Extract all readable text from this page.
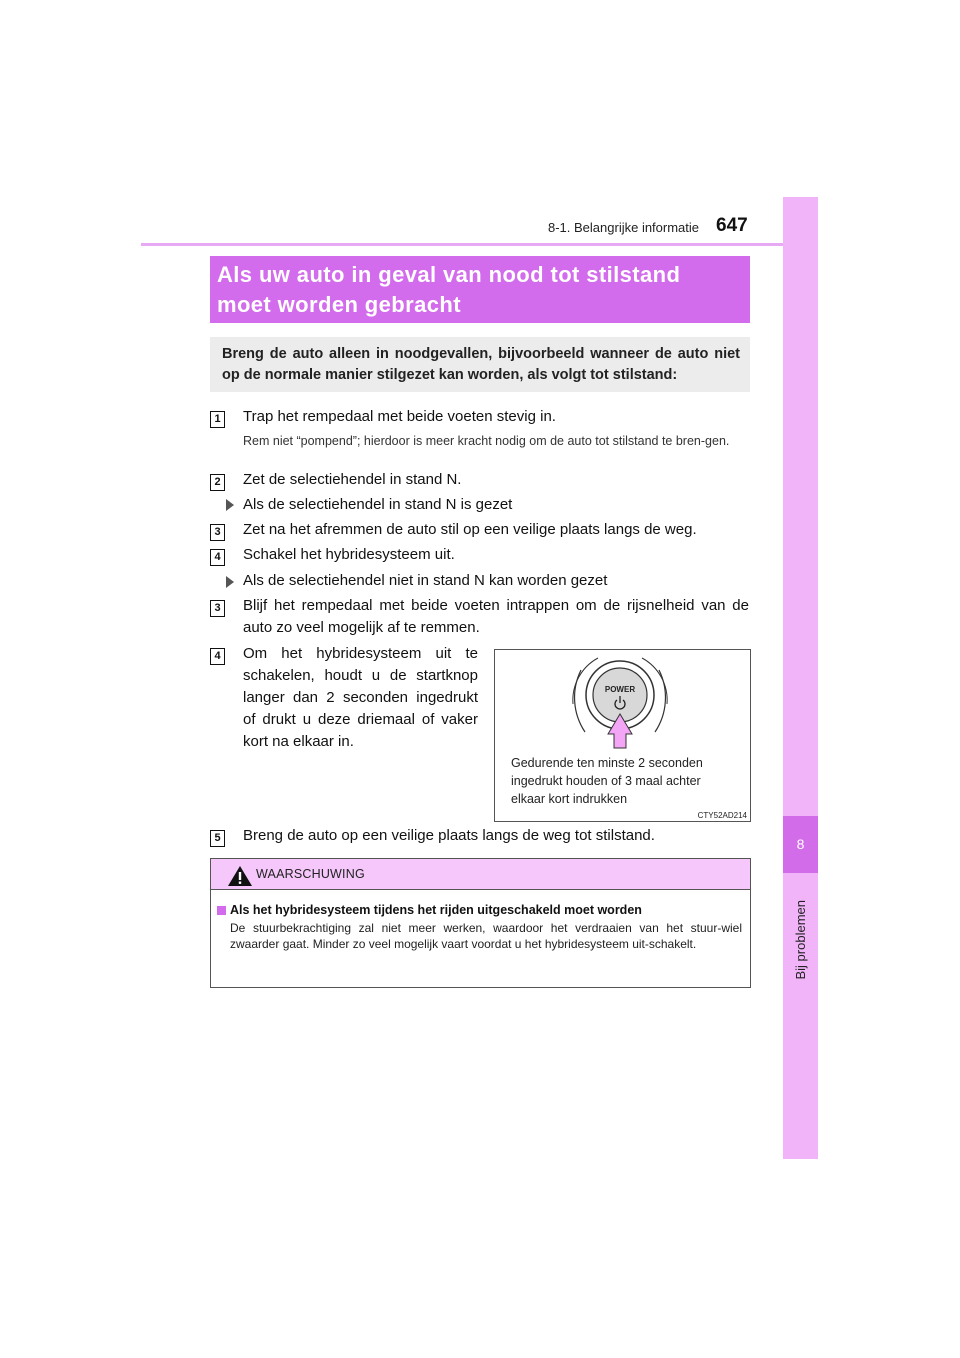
8-1. Belangrijke informatie 647
8
Bij problemen
Als uw auto in geval van nood tot stilstand
moet worden gebracht
Breng de auto alleen in noodgevallen, bijvoorbeeld wanneer de auto niet op de normale manier stilgezet kan worden, als volgt tot stilstand:
1 Trap het rempedaal met beide voeten stevig in.
Rem niet “pompend”; hierdoor is meer kracht nodig om de auto tot stilstand te bren-gen.
2 Zet de selectiehendel in stand N.
Als de selectiehendel in stand N is gezet
3 Zet na het afremmen de auto stil op een veilige plaats langs de weg.
4 Schakel het hybridesysteem uit.
Als de selectiehendel niet in stand N kan worden gezet
3 Blijf het rempedaal met beide voeten intrappen om de rijsnelheid van de
auto zo veel mogelijk af te remmen.
4 Om het hybridesysteem uit te
schakelen, houdt u de startknop
langer dan 2 seconden ingedrukt
of drukt u deze driemaal of vaker
kort na elkaar in.
POWER
Gedurende ten minste 2 seconden ingedrukt houden of 3 maal achter elkaar kort indrukken
CTY52AD214
5 Breng de auto op een veilige plaats langs de weg tot stilstand.
WAARSCHUWING
Als het hybridesysteem tijdens het rijden uitgeschakeld moet worden
De stuurbekrachtiging zal niet meer werken, waardoor het verdraaien van het stuur-wiel zwaarder gaat. Minder zo veel mogelijk vaart voordat u het hybridesysteem uit-schakelt.
